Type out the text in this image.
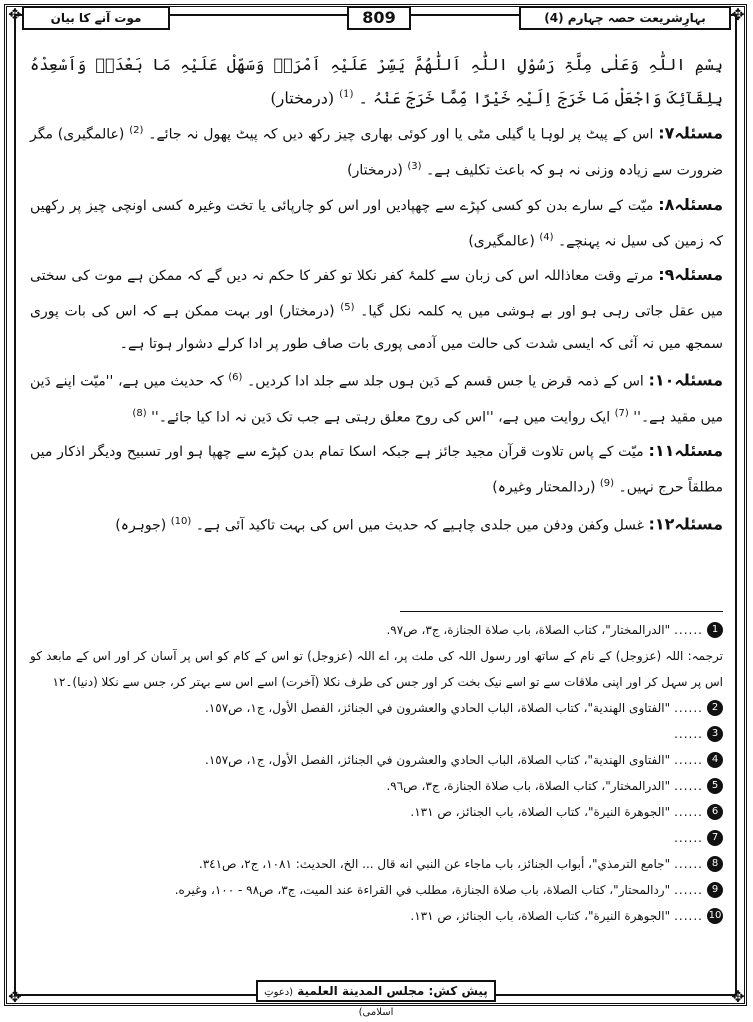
✥	✥
✥	✥
موت آنے کا بیان	809	بہارِشریعت حصہ چہارم (4)
بِسْمِ اللّٰہِ وَعَلٰی مِلَّۃِ رَسُوْلِ اللّٰہِ اَللّٰھُمَّ یَسِّرْ عَلَیْہِ اَمْرَہٗ وَسَھِّلْ عَلَیْہِ مَا بَعْدَہٗ وَاَسْعِدْہُ بِلِقَآئِکَ وَاجْعَلْ مَا خَرَجَ اِلَیْہِ خَیْرًا مِّمَّا خَرَجَ عَنْہُ ۔ $^{(1)}$ (درمختار)
مسئلہ۷: اس کے پیٹ پر لوہا یا گیلی مٹی یا اور کوئی بھاری چیز رکھ دیں کہ پیٹ پھول نہ جائے۔ $^{(2)}$ (عالمگیری) مگر ضرورت سے زیادہ وزنی نہ ہو کہ باعث تکلیف ہے۔ $^{(3)}$ (درمختار)
مسئلہ۸: میّت کے سارے بدن کو کسی کپڑے سے چھپادیں اور اس کو چارپائی یا تخت وغیرہ کسی اونچی چیز پر رکھیں کہ زمین کی سیل نہ پہنچے۔ $^{(4)}$ (عالمگیری)
مسئلہ۹: مرتے وقت معاذاللہ اس کی زبان سے کلمۂ کفر نکلا تو کفر کا حکم نہ دیں گے کہ ممکن ہے موت کی سختی میں عقل جاتی رہی ہو اور بے ہوشی میں یہ کلمہ نکل گیا۔ $^{(5)}$ (درمختار) اور بہت ممکن ہے کہ اس کی بات پوری سمجھ میں نہ آئی کہ ایسی شدت کی حالت میں آدمی پوری بات صاف طور پر ادا کرلے دشوار ہوتا ہے۔
مسئلہ۱۰: اس کے ذمہ قرض یا جس قسم کے دَین ہوں جلد سے جلد ادا کردیں۔ $^{(6)}$ کہ حدیث میں ہے، ''میّت اپنے دَین میں مقید ہے۔'' $^{(7)}$ ایک روایت میں ہے، ''اس کی روح معلق رہتی ہے جب تک دَین نہ ادا کیا جائے۔'' $^{(8)}$
مسئلہ۱۱: میّت کے پاس تلاوت قرآن مجید جائز ہے جبکہ اسکا تمام بدن کپڑے سے چھپا ہو اور تسبیح وديگر اذکار میں مطلقاً حرج نہیں۔ $^{(9)}$ (ردالمحتار وغیرہ)
مسئلہ۱۲: غسل وکفن ودفن میں جلدی چاہیے کہ حدیث میں اس کی بہت تاکید آئی ہے۔ $^{(10)}$ (جوہرہ)
1
......
"الدرالمختار"، كتاب الصلاة، باب صلاة الجنازة، ج٣، ص٩٧.
ترجمہ: اللہ (عزوجل) کے نام کے ساتھ اور رسول اللہ کی ملت پر، اے اللہ (عزوجل) تو اس کے کام کو اس پر آسان کر اور اس کے مابعد کو اس پر سہل کر اور اپنی ملاقات سے تو اسے نیک بخت کر اور جس کی طرف نکلا (آخرت) اسے اس سے بہتر کر، جس سے نکلا (دنیا)۔۱۲
2
......
"الفتاوى الهندية"، كتاب الصلاة، الباب الحادي والعشرون في الجنائز، الفصل الأول، ج١، ص١٥٧.
3
......
4
......
"الفتاوى الهندية"، كتاب الصلاة، الباب الحادي والعشرون في الجنائز، الفصل الأول، ج١، ص١٥٧.
5
......
"الدرالمختار"، كتاب الصلاة، باب صلاة الجنازة، ج٣، ص٩٦.
6
......
"الجوهرة النيرة"، كتاب الصلاة، باب الجنائز، ص ١٣١.
7
......
8
......
"جامع الترمذي"، أبواب الجنائز، باب ماجاء عن النبي انه قال ... الخ، الحديث: ١٠٨١، ج٢، ص٣٤١.
9
......
"ردالمحتار"، كتاب الصلاة، باب صلاة الجنازة، مطلب في القراءة عند الميت، ج٣، ص٩٨ - ١٠٠، وغيره.
10
......
"الجوهرة النيرة"، كتاب الصلاة، باب الجنائز، ص ١٣١.
پیش کش: مجلس المدينة العلمية (دعوتِ اسلامی)
